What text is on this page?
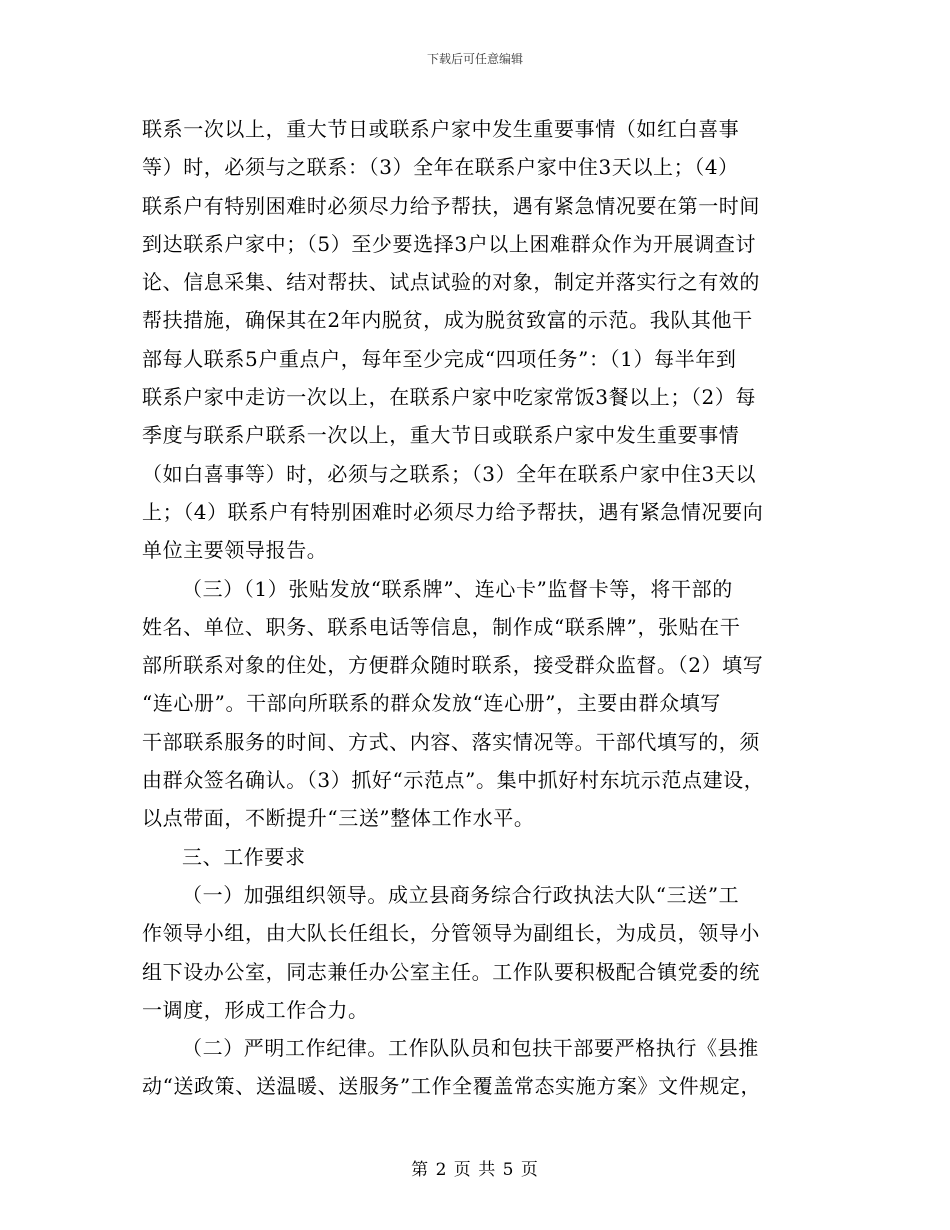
下载后可任意编辑
联系一次以上，重大节日或联系户家中发生重要事情（如红白喜事
等）时，必须与之联系：（3）全年在联系户家中住3天以上；（4）
联系户有特别困难时必须尽力给予帮扶，遇有紧急情况要在第一时间
到达联系户家中；（5）至少要选择3户以上困难群众作为开展调查讨
论、信息采集、结对帮扶、试点试验的对象，制定并落实行之有效的
帮扶措施，确保其在2年内脱贫，成为脱贫致富的示范。我队其他干
部每人联系5户重点户，每年至少完成“四项任务”：（1）每半年到
联系户家中走访一次以上，在联系户家中吃家常饭3餐以上；（2）每
季度与联系户联系一次以上，重大节日或联系户家中发生重要事情
（如白喜事等）时，必须与之联系；（3）全年在联系户家中住3天以
上；（4）联系户有特别困难时必须尽力给予帮扶，遇有紧急情况要向
单位主要领导报告。
（三）（1）张贴发放“联系牌”、连心卡”监督卡等，将干部的
姓名、单位、职务、联系电话等信息，制作成“联系牌”，张贴在干
部所联系对象的住处，方便群众随时联系，接受群众监督。（2）填写
“连心册”。干部向所联系的群众发放“连心册”，主要由群众填写
干部联系服务的时间、方式、内容、落实情况等。干部代填写的，须
由群众签名确认。（3）抓好“示范点”。集中抓好村东坑示范点建设，
以点带面，不断提升“三送”整体工作水平。
三、工作要求
（一）加强组织领导。成立县商务综合行政执法大队“三送”工
作领导小组，由大队长任组长，分管领导为副组长，为成员，领导小
组下设办公室，同志兼任办公室主任。工作队要积极配合镇党委的统
一调度，形成工作合力。
（二）严明工作纪律。工作队队员和包扶干部要严格执行《县推
动“送政策、送温暖、送服务”工作全覆盖常态实施方案》文件规定，
第 2 页 共 5 页
